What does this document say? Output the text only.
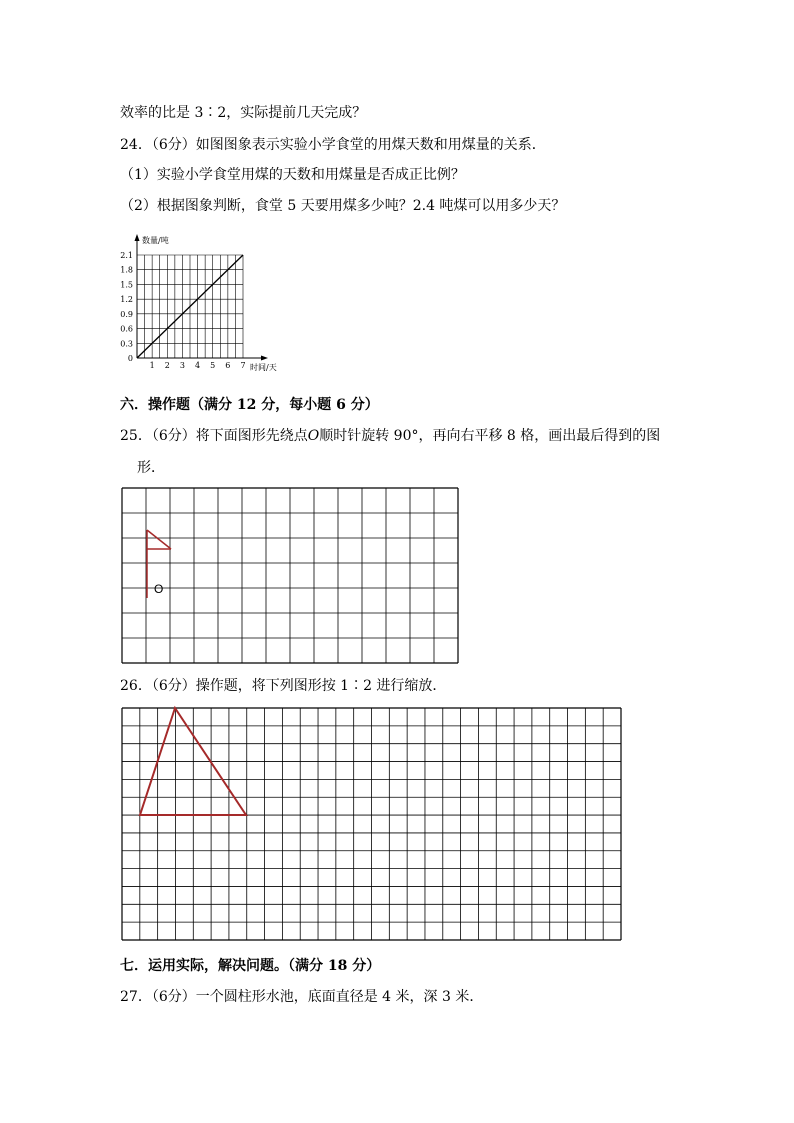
效率的比是 3∶2，实际提前几天完成？
24．（6分）如图图象表示实验小学食堂的用煤天数和用煤量的关系．
（1）实验小学食堂用煤的天数和用煤量是否成正比例？
（2）根据图象判断，食堂 5 天要用煤多少吨？2.4 吨煤可以用多少天？
0
0.3
0.6
0.9
1.2
1.5
1.8
2.1
1 2 3 4 5 6 7
数量/吨
时间/天
六．操作题（满分 12 分，每小题 6 分）
25．（6分）将下面图形先绕点O顺时针旋转 90°，再向右平移 8 格，画出最后得到的图
形．
O
26．（6分）操作题，将下列图形按 1∶2 进行缩放．
七．运用实际，解决问题。（满分 18 分）
27．（6分）一个圆柱形水池，底面直径是 4 米，深 3 米．
